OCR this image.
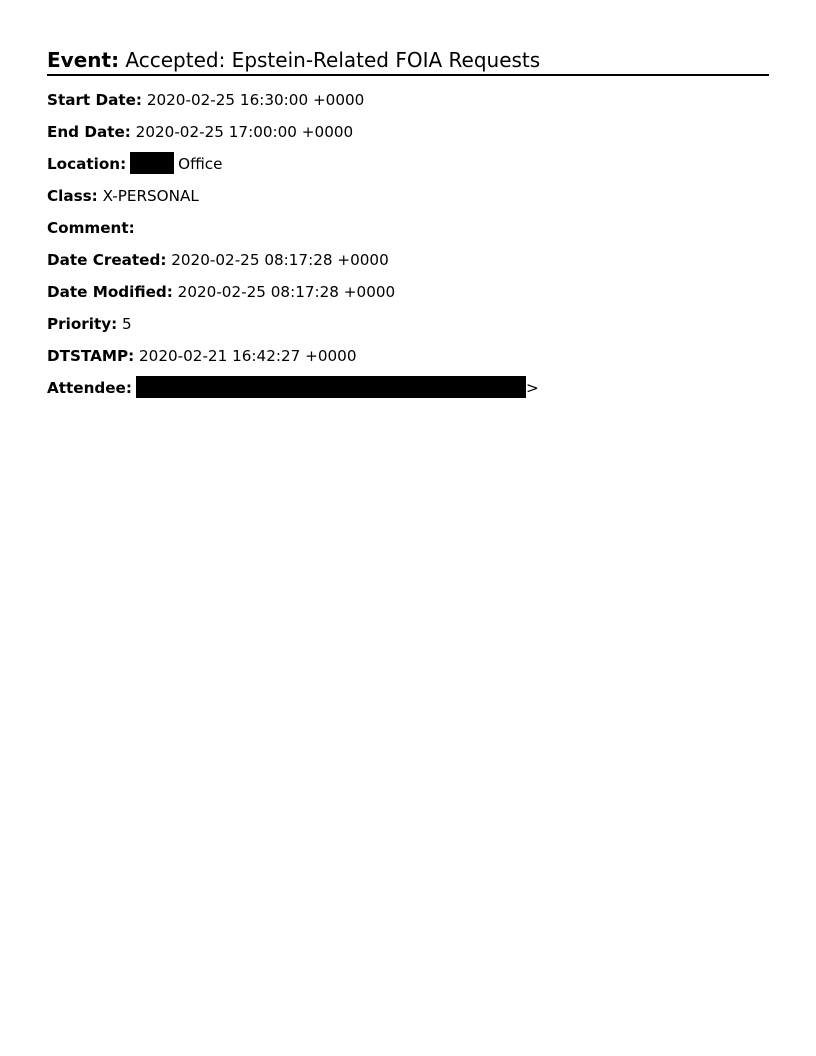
Event: Accepted: Epstein-Related FOIA Requests
Start Date: 2020-02-25 16:30:00 +0000
End Date: 2020-02-25 17:00:00 +0000
Location:	Office
Class: X-PERSONAL
Comment:
Date Created: 2020-02-25 08:17:28 +0000
Date Modified: 2020-02-25 08:17:28 +0000
Priority: 5
DTSTAMP: 2020-02-21 16:42:27 +0000
Attendee:	>
